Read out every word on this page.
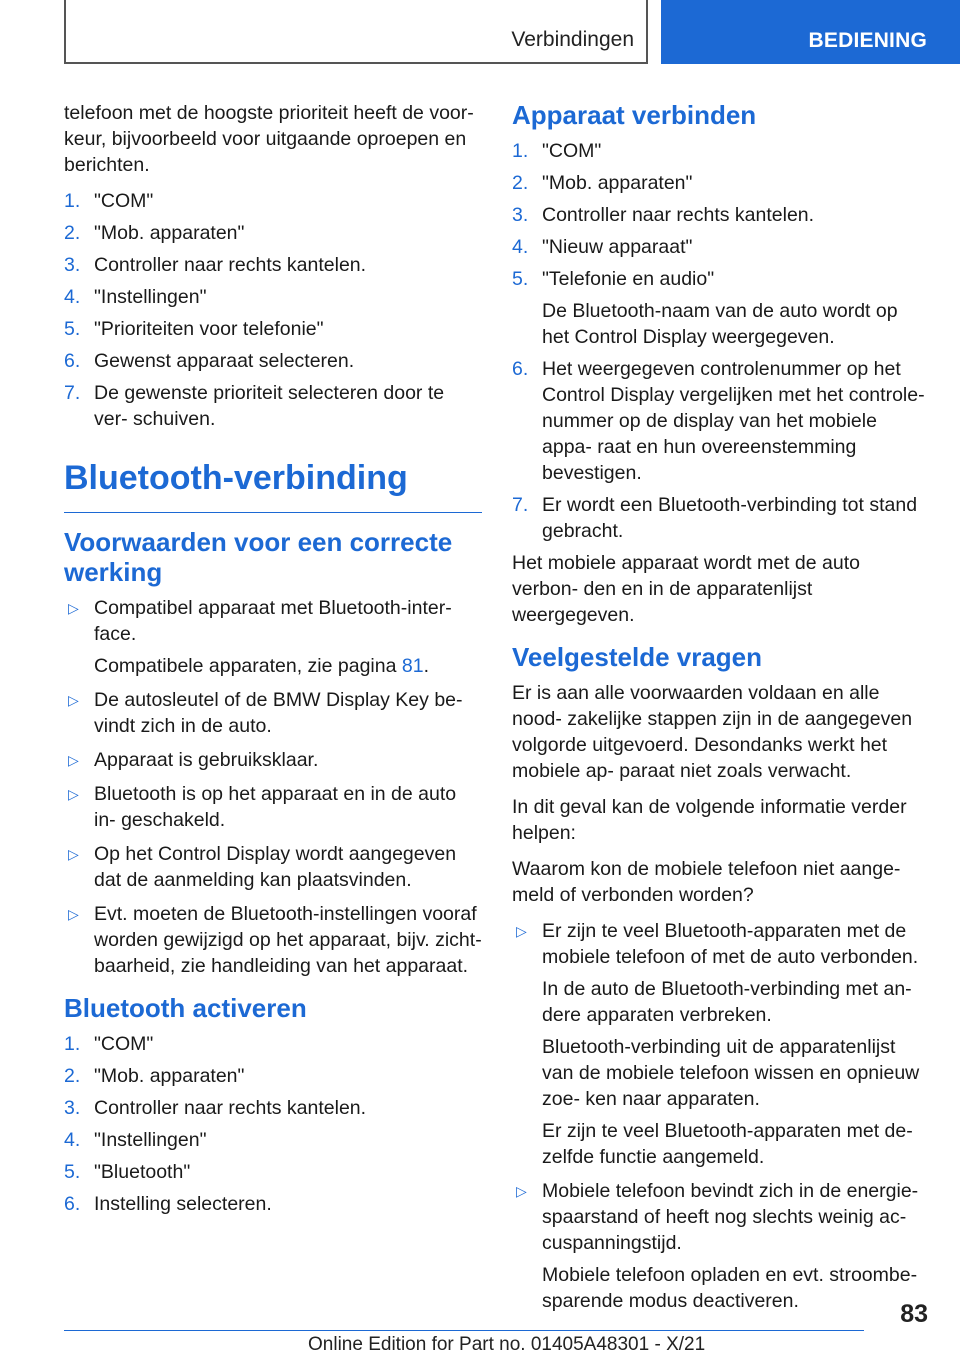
Verbindingen	BEDIENING

telefoon met de hoogste prioriteit heeft de voor- keur, bijvoorbeeld voor uitgaande oproepen en berichten.

1. "COM"
2. "Mob. apparaten"
3. Controller naar rechts kantelen.
4. "Instellingen"
5. "Prioriteiten voor telefonie"
6. Gewenst apparaat selecteren.
7. De gewenste prioriteit selecteren door te ver- schuiven.
Bluetooth-verbinding
Voorwaarden voor een correcte werking
▷ Compatibel apparaat met Bluetooth-inter- face.
Compatibele apparaten, zie pagina 81.
▷ De autosleutel of de BMW Display Key be- vindt zich in de auto.
▷ Apparaat is gebruiksklaar.
▷ Bluetooth is op het apparaat en in de auto in- geschakeld.
▷ Op het Control Display wordt aangegeven dat de aanmelding kan plaatsvinden.
▷ Evt. moeten de Bluetooth-instellingen vooraf worden gewijzigd op het apparaat, bijv. zicht- baarheid, zie handleiding van het apparaat.
Bluetooth activeren
1. "COM"
2. "Mob. apparaten"
3. Controller naar rechts kantelen.
4. "Instellingen"
5. "Bluetooth"
6. Instelling selecteren.
Apparaat verbinden
1. "COM"
2. "Mob. apparaten"
3. Controller naar rechts kantelen.
4. "Nieuw apparaat"
5. "Telefonie en audio"
De Bluetooth-naam van de auto wordt op het Control Display weergegeven.
6. Het weergegeven controlenummer op het Control Display vergelijken met het controle- nummer op de display van het mobiele appa- raat en hun overeenstemming bevestigen.
7. Er wordt een Bluetooth-verbinding tot stand gebracht.

Het mobiele apparaat wordt met de auto verbon- den en in de apparatenlijst weergegeven.

Veelgestelde vragen

Er is aan alle voorwaarden voldaan en alle nood- zakelijke stappen zijn in de aangegeven volgorde uitgevoerd. Desondanks werkt het mobiele ap- paraat niet zoals verwacht.

In dit geval kan de volgende informatie verder helpen:

Waarom kon de mobiele telefoon niet aange- meld of verbonden worden?

▷ Er zijn te veel Bluetooth-apparaten met de mobiele telefoon of met de auto verbonden.
In de auto de Bluetooth-verbinding met an- dere apparaten verbreken.
Bluetooth-verbinding uit de apparatenlijst van de mobiele telefoon wissen en opnieuw zoe- ken naar apparaten.
Er zijn te veel Bluetooth-apparaten met de- zelfde functie aangemeld.
▷ Mobiele telefoon bevindt zich in de energie- spaarstand of heeft nog slechts weinig ac- cuspanningstijd.
Mobiele telefoon opladen en evt. stroombe- sparende modus deactiveren.	83
Online Edition for Part no. 01405A48301 - X/21
